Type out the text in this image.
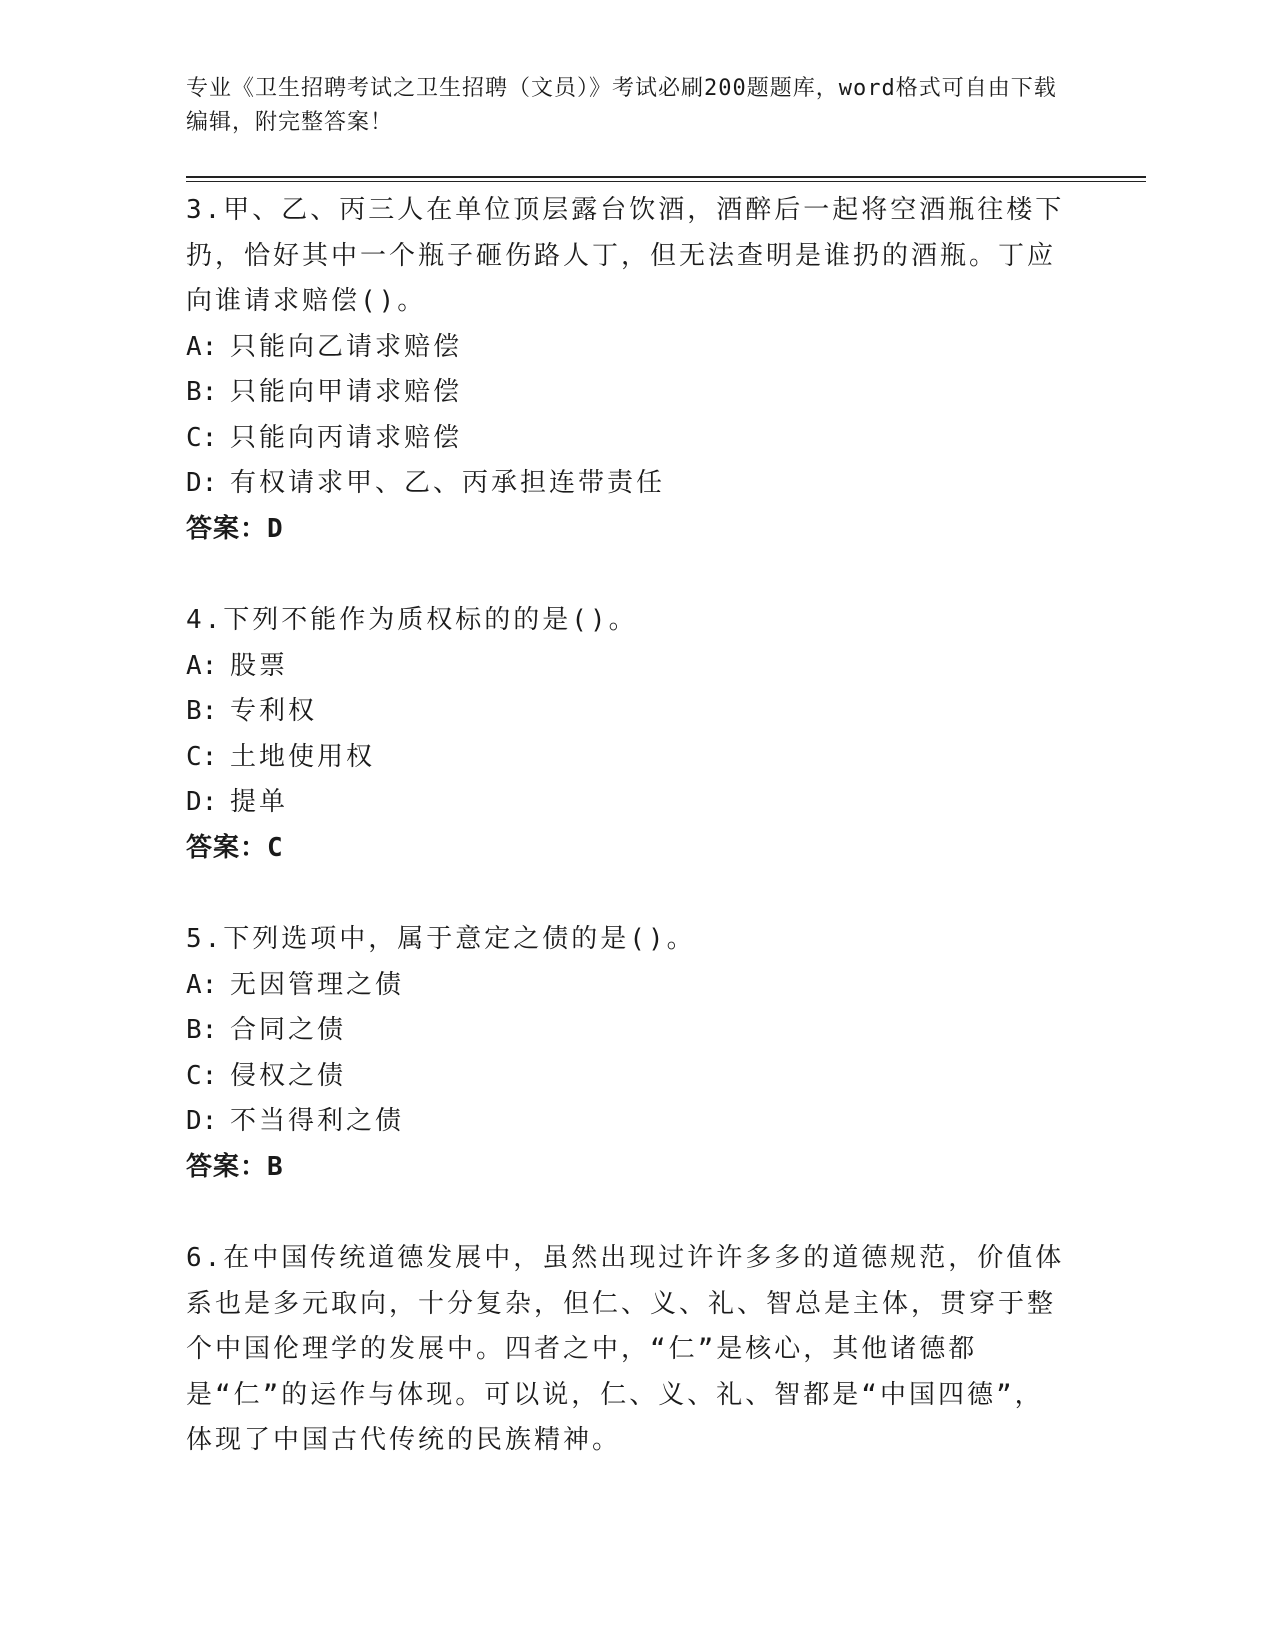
专业《卫生招聘考试之卫生招聘（文员）》考试必刷200题题库，word格式可自由下载编辑，附完整答案！

3.甲、乙、丙三人在单位顶层露台饮酒，酒醉后一起将空酒瓶往楼下扔，恰好其中一个瓶子砸伤路人丁，但无法查明是谁扔的酒瓶。丁应向谁请求赔偿()。

A: 只能向乙请求赔偿
B: 只能向甲请求赔偿
C: 只能向丙请求赔偿
D: 有权请求甲、乙、丙承担连带责任
答案：D

4.下列不能作为质权标的的是()。

A: 股票
B: 专利权
C: 土地使用权
D: 提单
答案：C

5.下列选项中，属于意定之债的是()。

A: 无因管理之债
B: 合同之债
C: 侵权之债
D: 不当得利之债
答案：B

6.在中国传统道德发展中，虽然出现过许许多多的道德规范，价值体系也是多元取向，十分复杂，但仁、义、礼、智总是主体，贯穿于整个中国伦理学的发展中。四者之中，“仁”是核心，其他诸德都是“仁”的运作与体现。可以说，仁、义、礼、智都是“中国四德”，体现了中国古代传统的民族精神。
